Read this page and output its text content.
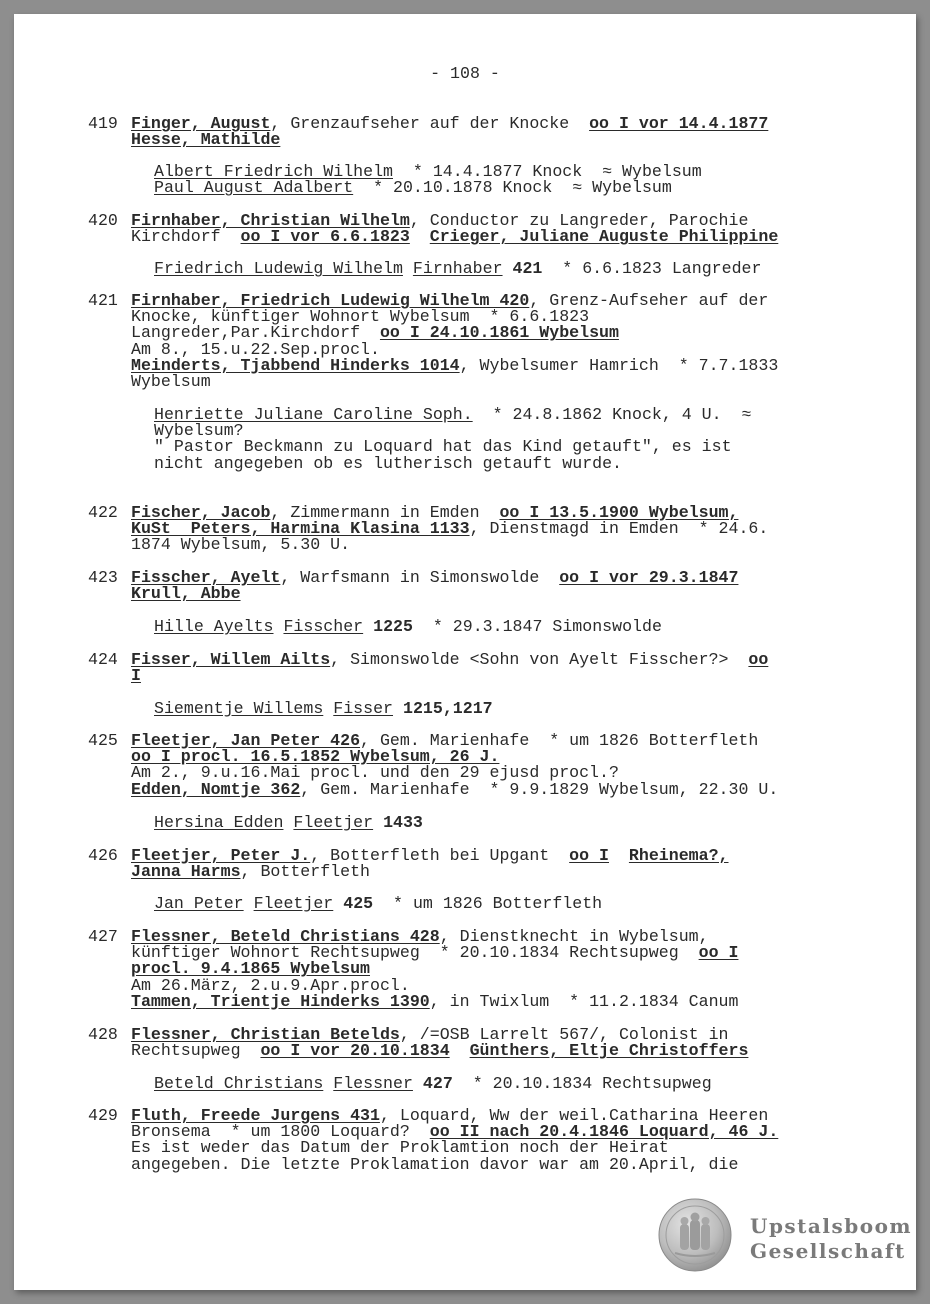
- 108 -
419 Finger, August, Grenzaufseher auf der Knocke  oo I vor 14.4.1877
Hesse, Mathilde
Albert Friedrich Wilhelm  * 14.4.1877 Knock  ≈ Wybelsum
Paul August Adalbert  * 20.10.1878 Knock  ≈ Wybelsum
420 Firnhaber, Christian Wilhelm, Conductor zu Langreder, Parochie
Kirchdorf  oo I vor 6.6.1823 Crieger, Juliane Auguste Philippine
Friedrich Ludewig Wilhelm Firnhaber 421  * 6.6.1823 Langreder
421 Firnhaber, Friedrich Ludewig Wilhelm 420, Grenz-Aufseher auf der
Knocke, künftiger Wohnort Wybelsum  * 6.6.1823
Langreder,Par.Kirchdorf  oo I 24.10.1861 Wybelsum
Am 8., 15.u.22.Sep.procl.
Meinderts, Tjabbend Hinderks 1014, Wybelsumer Hamrich  * 7.7.1833
Wybelsum
Henriette Juliane Caroline Soph.  * 24.8.1862 Knock, 4 U.  ≈
Wybelsum?
" Pastor Beckmann zu Loquard hat das Kind getauft", es ist
nicht angegeben ob es lutherisch getauft wurde.
422 Fischer, Jacob, Zimmermann in Emden  oo I 13.5.1900 Wybelsum,
KuSt  Peters, Harmina Klasina 1133, Dienstmagd in Emden  * 24.6.
1874 Wybelsum, 5.30 U.
423 Fisscher, Ayelt, Warfsmann in Simonswolde  oo I vor 29.3.1847
Krull, Abbe
Hille Ayelts Fisscher 1225  * 29.3.1847 Simonswolde
424 Fisser, Willem Ailts, Simonswolde <Sohn von Ayelt Fisscher?>  oo
I
Siementje Willems Fisser 1215,1217
425 Fleetjer, Jan Peter 426, Gem. Marienhafe  * um 1826 Botterfleth
oo I procl. 16.5.1852 Wybelsum, 26 J.
Am 2., 9.u.16.Mai procl. und den 29 ejusd procl.?
Edden, Nomtje 362, Gem. Marienhafe  * 9.9.1829 Wybelsum, 22.30 U.
Hersina Edden Fleetjer 1433
426 Fleetjer, Peter J., Botterfleth bei Upgant  oo I Rheinema?,
Janna Harms, Botterfleth
Jan Peter Fleetjer 425  * um 1826 Botterfleth
427 Flessner, Beteld Christians 428, Dienstknecht in Wybelsum,
künftiger Wohnort Rechtsupweg  * 20.10.1834 Rechtsupweg  oo I
procl. 9.4.1865 Wybelsum
Am 26.März, 2.u.9.Apr.procl.
Tammen, Trientje Hinderks 1390, in Twixlum  * 11.2.1834 Canum
428 Flessner, Christian Betelds, /=OSB Larrelt 567/, Colonist in
Rechtsupweg  oo I vor 20.10.1834 Günthers, Eltje Christoffers
Beteld Christians Flessner 427  * 20.10.1834 Rechtsupweg
429 Fluth, Freede Jurgens 431, Loquard, Ww der weil.Catharina Heeren
Bronsema  * um 1800 Loquard?  oo II nach 20.4.1846 Loquard, 46 J.
Es ist weder das Datum der Proklamtion noch der Heirat
angegeben. Die letzte Proklamation davor war am 20.April, die
Upstalsboom
Gesellschaft
